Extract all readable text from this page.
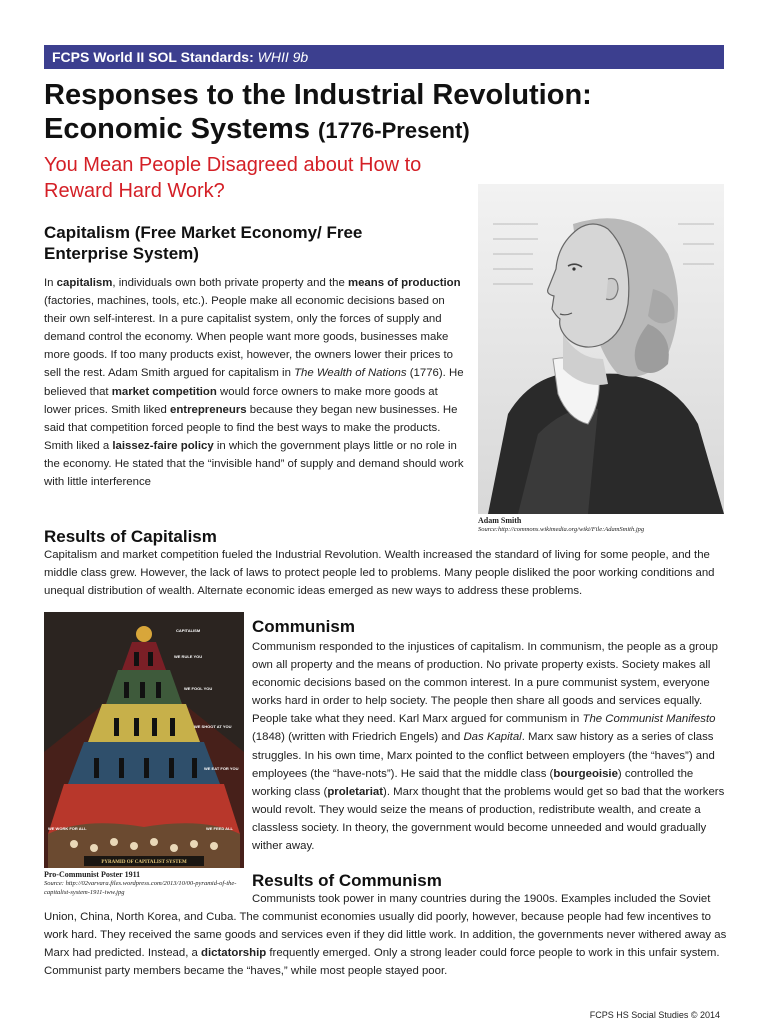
FCPS World II SOL Standards: WHII 9b
Responses to the Industrial Revolution:
Economic Systems (1776-Present)
You Mean People Disagreed about How to Reward Hard Work?
Capitalism (Free Market Economy/ Free Enterprise System)
In capitalism, individuals own both private property and the means of production (factories, machines, tools, etc.). People make all economic decisions based on their own self-interest. In a pure capitalist system, only the forces of supply and demand control the economy. When people want more goods, businesses make more goods. If too many products exist, however, the owners lower their prices to sell the rest. Adam Smith argued for capitalism in The Wealth of Nations (1776). He believed that market competition would force owners to make more goods at lower prices. Smith liked entrepreneurs because they began new businesses. He said that competition forced people to find the best ways to make the products. Smith liked a laissez-faire policy in which the government plays little or no role in the economy. He stated that the “invisible hand” of supply and demand should work with little interference
Adam Smith
Source:http://commons.wikimedia.org/wiki/File:AdamSmith.jpg
Results of Capitalism
Capitalism and market competition fueled the Industrial Revolution. Wealth increased the standard of living for some people, and the middle class grew. However, the lack of laws to protect people led to problems. Many people disliked the poor working conditions and unequal distribution of wealth. Alternate economic ideas emerged as new ways to address these problems.
CAPITALISM
WE RULE YOU
WE FOOL YOU
WE SHOOT AT YOU
WE EAT FOR YOU
WE WORK FOR ALL	WE FEED ALL
PYRAMID OF CAPITALIST SYSTEM
Pro-Communist Poster 1911
Source: http://02varvara.files.wordpress.com/2013/10/00-pyramid-of-the-capitalist-system-1911-iww.jpg
Communism
Communism responded to the injustices of capitalism. In communism, the people as a group own all property and the means of production. No private property exists. Society makes all economic decisions based on the common interest. In a pure communist system, everyone works hard in order to help society. The people then share all goods and services equally. People take what they need. Karl Marx argued for communism in The Communist Manifesto (1848) (written with Friedrich Engels) and Das Kapital. Marx saw history as a series of class struggles. In his own time, Marx pointed to the conflict between employers (the “haves”) and employees (the “have-nots”). He said that the middle class (bourgeoisie) controlled the working class (proletariat). Marx thought that the problems would get so bad that the workers would revolt. They would seize the means of production, redistribute wealth, and create a classless society. In theory, the government would become unneeded and would gradually wither away.
Results of Communism
Communists took power in many countries during the 1900s. Examples included the Soviet Union, China, North Korea, and Cuba. The communist economies usually did poorly, however, because people had few incentives to work hard. They received the same goods and services even if they did little work. In addition, the governments never withered away as Marx had predicted. Instead, a dictatorship frequently emerged. Only a strong leader could force people to work in this unfair system. Communist party members became the “haves,” while most people stayed poor.
FCPS HS Social Studies © 2014
